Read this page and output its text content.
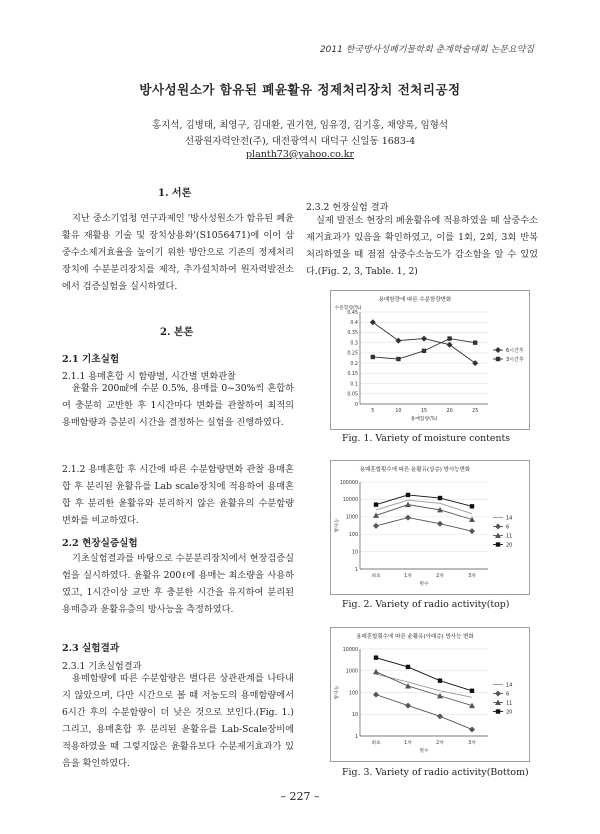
2011 한국방사성폐기물학회 춘계학술대회 논문요약집
방사성원소가 함유된 폐윤활유 정제처리장치 전처리공정
홍지석, 김병태, 최영구, 김대환, 권기현, 임유경, 김기홍, 채양록, 임형석
선광원자력안전(주), 대전광역시 대덕구 신일동 1683-4
planth73@yahoo.co.kr
1. 서론
지난 중소기업청 연구과제인 '방사성원소가 함유된 폐윤활유 재활용 기술 및 장치상용화'(S1056471)에 이어 삼중수소제거효율을 높이기 위한 방안으로 기존의 정제처리장치에 수분분리장치를 제작, 추가설치하여 원자력발전소에서 검증실험을 실시하였다.
2. 본론
2.1 기초실험
2.1.1 용매혼합 시 함량별, 시간별 변화관찰
윤활유 200㎖에 수분 0.5%, 용매를 0~30%씩 혼합하여 충분히 교반한 후 1시간마다 변화를 관찰하여 최적의 용매함량과 층분리 시간을 결정하는 실험을 진행하였다.
2.1.2 용매혼합 후 시간에 따른 수분함량변화 관찰 용매혼합 후 분리된 윤활유를 Lab scale장치에 적용하여 용매혼합 후 분리한 윤활유와 분리하지 않은 윤활유의 수분함량변화를 비교하였다.
2.2 현장실증실험
기초실험결과를 바탕으로 수분분리장치에서 현장검증실험을 실시하였다. 윤활유 200ℓ에 용매는 최소량을 사용하였고, 1시간이상 교반 후 충분한 시간을 유지하여 분리된 용매층과 윤활유층의 방사능을 측정하였다.
2.3 실험결과
2.3.1 기초실험결과
용매함량에 따른 수분함량은 별다른 상관관계를 나타내지 않았으며, 다만 시간으로 볼 때 저농도의 용매함량에서 6시간 후의 수분함량이 더 낮은 것으로 보인다.(Fig. 1.) 그리고, 용매혼합 후 분리된 윤활유를 Lab-Scale장비에 적용하였을 때 그렇지않은 윤활유보다 수분제거효과가 있음을 확인하였다.
2.3.2 현장실험 결과
실제 발전소 현장의 폐윤활유에 적용하였을 때 삼중수소제거효과가 있음을 확인하였고, 이를 1회, 2회, 3회 반복 처리하였을 때 점점 삼중수소농도가 감소함을 알 수 있었다.(Fig. 2, 3, Table. 1, 2)
용매함량에 따른 수분함량변화
0
0.05
0.1
0.15
0.2
0.25
0.3
0.35
0.4
0.45
수분함량(%)
5	10	15	20	25
용매함량(%)
6시간후
3시간후
Fig. 1. Variety of moisture contents
용매혼합횟수에 따른 윤활유(상층) 방사능변화
1
10
100
1000
10000
100000
방사능
최초	1차	2차	3차
횟수
14
6
11
20
Fig. 2. Variety of radio activity(top)
용매혼합횟수에 따른 윤활유(아래층) 방사능 변화
1
10
100
1000
10000
방사능
최초	1차	2차	3차
횟수
14
6
11
20
Fig. 3. Variety of radio activity(Bottom)
– 227 –
